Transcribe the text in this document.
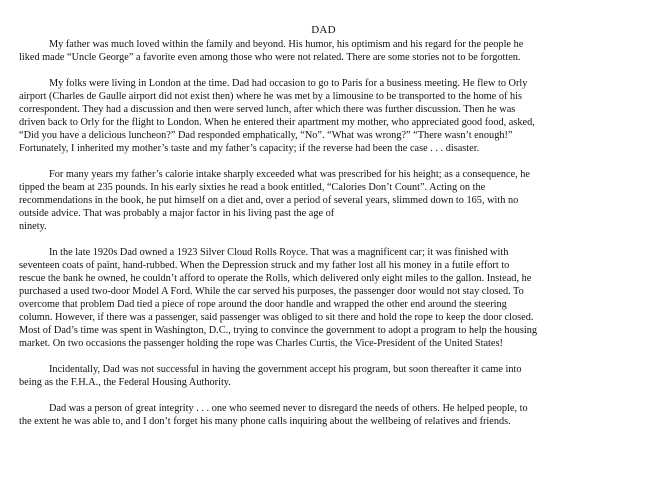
DAD
My father was much loved within the family and beyond. His humor, his optimism and his regard for the people he
liked made “Uncle George” a favorite even among those who were not related. There are some stories not to be forgotten.
My folks were living in London at the time. Dad had occasion to go to Paris for a business meeting. He flew to Orly
airport (Charles de Gaulle airport did not exist then) where he was met by a limousine to be transported to the home of his
correspondent. They had a discussion and then were served lunch, after which there was further discussion. Then he was
driven back to Orly for the flight to London. When he entered their apartment my mother, who appreciated good food, asked,
“Did you have a delicious luncheon?” Dad responded emphatically, “No”. “What was wrong?” “There wasn’t enough!”
Fortunately, I inherited my mother’s taste and my father’s capacity; if the reverse had been the case . . . disaster.
For many years my father’s calorie intake sharply exceeded what was prescribed for his height; as a consequence, he
tipped the beam at 235 pounds. In his early sixties he read a book entitled, “Calories Don’t Count”. Acting on the
recommendations in the book, he put himself on a diet and, over a period of several years, slimmed down to 165, with no
outside advice. That was probably a major factor in his living past the age of
ninety.
In the late 1920s Dad owned a 1923 Silver Cloud Rolls Royce. That was a magnificent car; it was finished with
seventeen coats of paint, hand-rubbed. When the Depression struck and my father lost all his money in a futile effort to
rescue the bank he owned, he couldn’t afford to operate the Rolls, which delivered only eight miles to the gallon. Instead, he
purchased a used two-door Model A Ford. While the car served his purposes, the passenger door would not stay closed. To
overcome that problem Dad tied a piece of rope around the door handle and wrapped the other end around the steering
column. However, if there was a passenger, said passenger was obliged to sit there and hold the rope to keep the door closed.
Most of Dad’s time was spent in Washington, D.C., trying to convince the government to adopt a program to help the housing
market. On two occasions the passenger holding the rope was Charles Curtis, the Vice-President of the United States!
Incidentally, Dad was not successful in having the government accept his program, but soon thereafter it came into
being as the F.H.A., the Federal Housing Authority.
Dad was a person of great integrity . . . one who seemed never to disregard the needs of others. He helped people, to
the extent he was able to, and I don’t forget his many phone calls inquiring about the wellbeing of relatives and friends.
